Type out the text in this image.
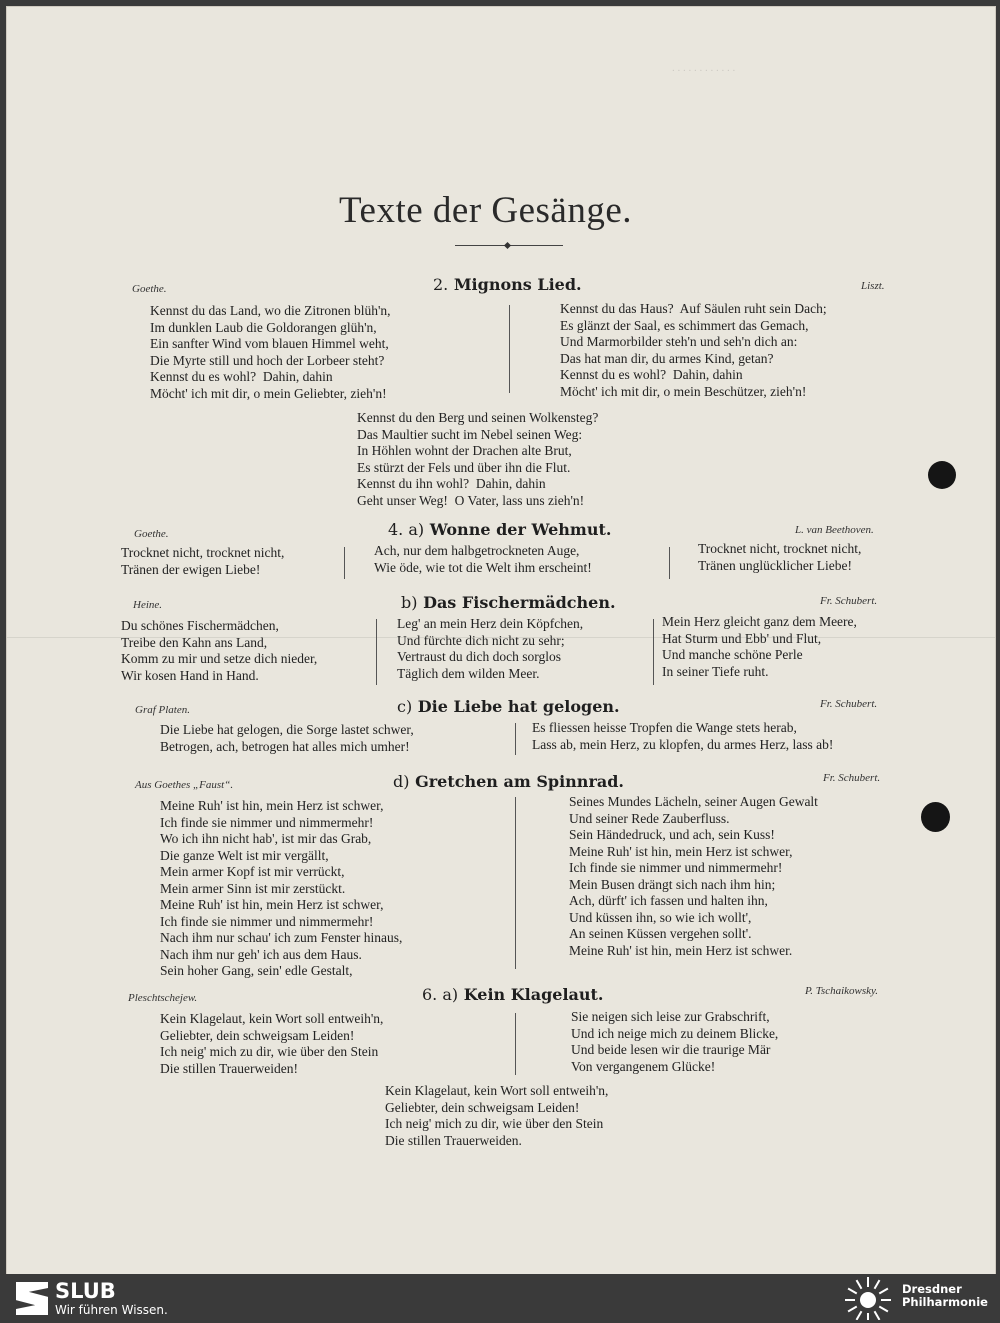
. . . . . . . . . . . .
Texte der Gesänge.
Goethe.	2. Mignons Lied.	Liszt.
Kennst du das Land, wo die Zitronen blüh'n,
Im dunklen Laub die Goldorangen glüh'n,
Ein sanfter Wind vom blauen Himmel weht,
Die Myrte still und hoch der Lorbeer steht?
Kennst du es wohl?  Dahin, dahin
Möcht' ich mit dir, o mein Geliebter, zieh'n!
Kennst du das Haus?  Auf Säulen ruht sein Dach;
Es glänzt der Saal, es schimmert das Gemach,
Und Marmorbilder steh'n und seh'n dich an:
Das hat man dir, du armes Kind, getan?
Kennst du es wohl?  Dahin, dahin
Möcht' ich mit dir, o mein Beschützer, zieh'n!
Kennst du den Berg und seinen Wolkensteg?
Das Maultier sucht im Nebel seinen Weg:
In Höhlen wohnt der Drachen alte Brut,
Es stürzt der Fels und über ihn die Flut.
Kennst du ihn wohl?  Dahin, dahin
Geht unser Weg!  O Vater, lass uns zieh'n!
Goethe.	4. a) Wonne der Wehmut.	L. van Beethoven.
Trocknet nicht, trocknet nicht,
Tränen der ewigen Liebe!
Ach, nur dem halbgetrockneten Auge,
Wie öde, wie tot die Welt ihm erscheint!
Trocknet nicht, trocknet nicht,
Tränen unglücklicher Liebe!
Heine.	b) Das Fischermädchen.	Fr. Schubert.
Du schönes Fischermädchen,
Treibe den Kahn ans Land,
Komm zu mir und setze dich nieder,
Wir kosen Hand in Hand.
Leg' an mein Herz dein Köpfchen,
Und fürchte dich nicht zu sehr;
Vertraust du dich doch sorglos
Täglich dem wilden Meer.
Mein Herz gleicht ganz dem Meere,
Hat Sturm und Ebb' und Flut,
Und manche schöne Perle
In seiner Tiefe ruht.
Graf Platen.	c) Die Liebe hat gelogen.	Fr. Schubert.
Die Liebe hat gelogen, die Sorge lastet schwer,
Betrogen, ach, betrogen hat alles mich umher!
Es fliessen heisse Tropfen die Wange stets herab,
Lass ab, mein Herz, zu klopfen, du armes Herz, lass ab!
Aus Goethes „Faust“.	d) Gretchen am Spinnrad.	Fr. Schubert.
Meine Ruh' ist hin, mein Herz ist schwer,
Ich finde sie nimmer und nimmermehr!
Wo ich ihn nicht hab', ist mir das Grab,
Die ganze Welt ist mir vergällt,
Mein armer Kopf ist mir verrückt,
Mein armer Sinn ist mir zerstückt.
Meine Ruh' ist hin, mein Herz ist schwer,
Ich finde sie nimmer und nimmermehr!
Nach ihm nur schau' ich zum Fenster hinaus,
Nach ihm nur geh' ich aus dem Haus.
Sein hoher Gang, sein' edle Gestalt,
Seines Mundes Lächeln, seiner Augen Gewalt
Und seiner Rede Zauberfluss.
Sein Händedruck, und ach, sein Kuss!
Meine Ruh' ist hin, mein Herz ist schwer,
Ich finde sie nimmer und nimmermehr!
Mein Busen drängt sich nach ihm hin;
Ach, dürft' ich fassen und halten ihn,
Und küssen ihn, so wie ich wollt',
An seinen Küssen vergehen sollt'.
Meine Ruh' ist hin, mein Herz ist schwer.
Pleschtschejew.	6. a) Kein Klagelaut.	P. Tschaikowsky.
Kein Klagelaut, kein Wort soll entweih'n,
Geliebter, dein schweigsam Leiden!
Ich neig' mich zu dir, wie über den Stein
Die stillen Trauerweiden!
Sie neigen sich leise zur Grabschrift,
Und ich neige mich zu deinem Blicke,
Und beide lesen wir die traurige Mär
Von vergangenem Glücke!
Kein Klagelaut, kein Wort soll entweih'n,
Geliebter, dein schweigsam Leiden!
Ich neig' mich zu dir, wie über den Stein
Die stillen Trauerweiden.
SLUB
Wir führen Wissen.
Dresdner
Philharmonie
